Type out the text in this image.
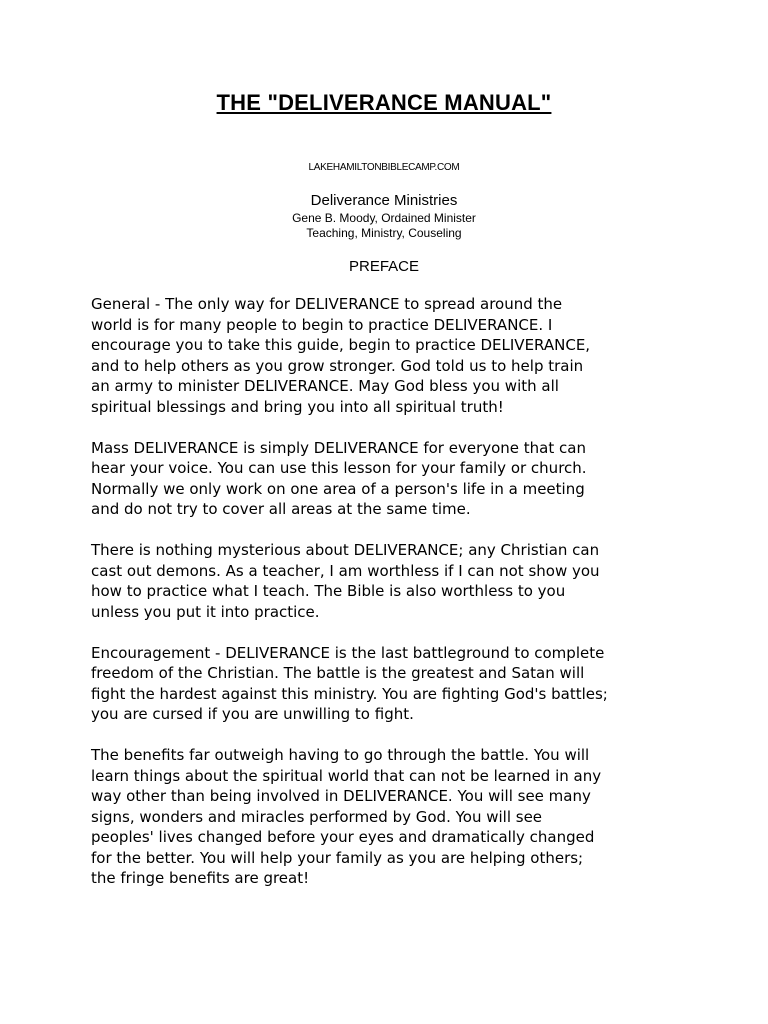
THE "DELIVERANCE MANUAL"
LAKEHAMILTONBIBLECAMP.COM
Deliverance Ministries
Gene B. Moody, Ordained Minister
Teaching, Ministry, Couseling
PREFACE

General - The only way for DELIVERANCE to spread around the
world is for many people to begin to practice DELIVERANCE. I
encourage you to take this guide, begin to practice DELIVERANCE,
and to help others as you grow stronger. God told us to help train
an army to minister DELIVERANCE. May God bless you with all
spiritual blessings and bring you into all spiritual truth!

Mass DELIVERANCE is simply DELIVERANCE for everyone that can
hear your voice. You can use this lesson for your family or church.
Normally we only work on one area of a person's life in a meeting
and do not try to cover all areas at the same time.

There is nothing mysterious about DELIVERANCE; any Christian can
cast out demons. As a teacher, I am worthless if I can not show you
how to practice what I teach. The Bible is also worthless to you
unless you put it into practice.

Encouragement - DELIVERANCE is the last battleground to complete
freedom of the Christian. The battle is the greatest and Satan will
fight the hardest against this ministry. You are fighting God's battles;
you are cursed if you are unwilling to fight.

The benefits far outweigh having to go through the battle. You will
learn things about the spiritual world that can not be learned in any
way other than being involved in DELIVERANCE. You will see many
signs, wonders and miracles performed by God. You will see
peoples' lives changed before your eyes and dramatically changed
for the better. You will help your family as you are helping others;
the fringe benefits are great!
